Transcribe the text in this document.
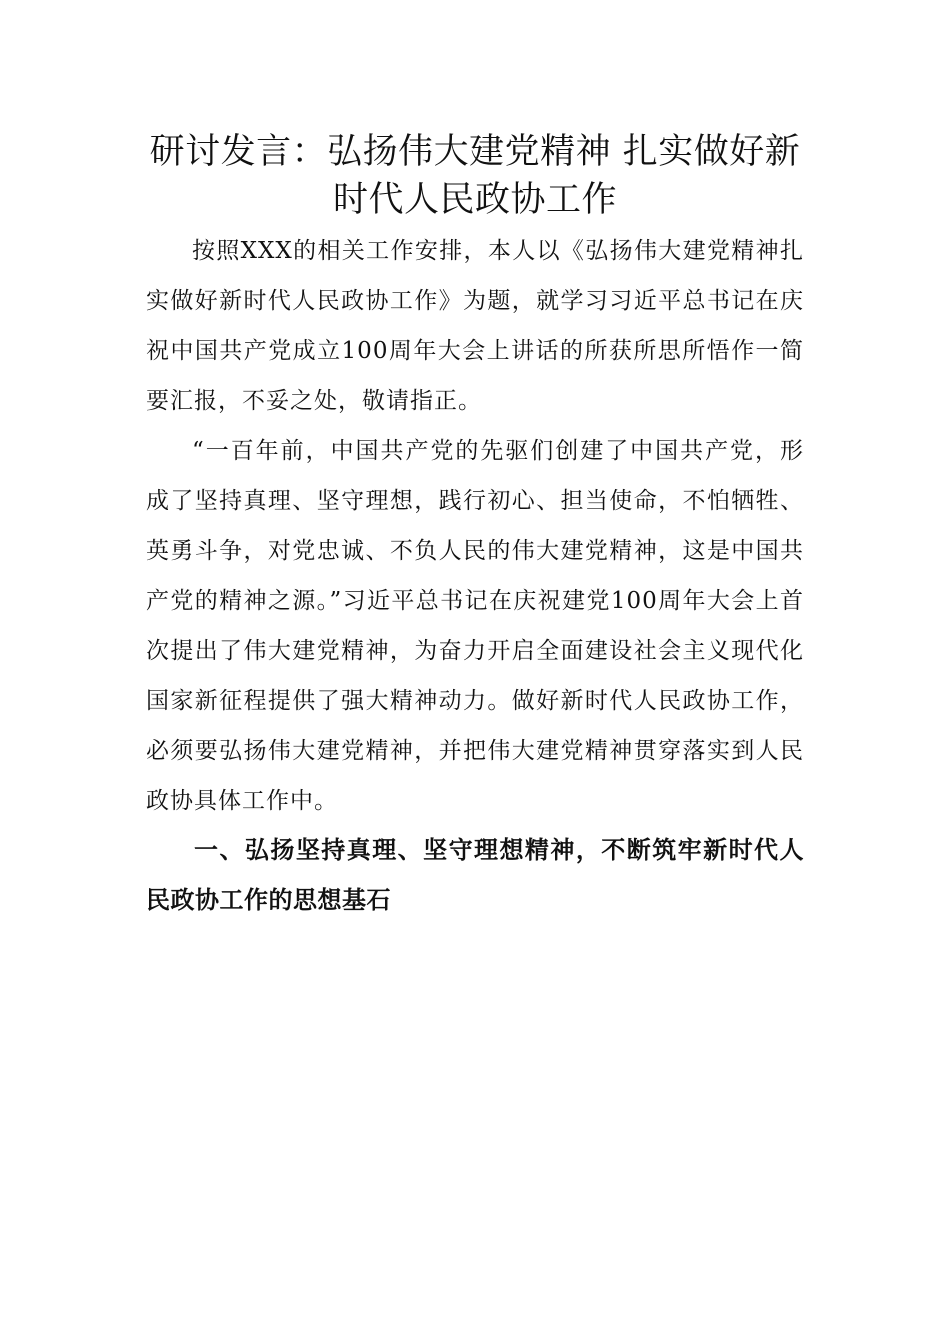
研讨发言：弘扬伟大建党精神 扎实做好新时代人民政协工作

按照XXX的相关工作安排，本人以《弘扬伟大建党精神扎实做好新时代人民政协工作》为题，就学习习近平总书记在庆祝中国共产党成立100周年大会上讲话的所获所思所悟作一简要汇报，不妥之处，敬请指正。

“一百年前，中国共产党的先驱们创建了中国共产党，形成了坚持真理、坚守理想，践行初心、担当使命，不怕牺牲、英勇斗争，对党忠诚、不负人民的伟大建党精神，这是中国共产党的精神之源。”习近平总书记在庆祝建党100周年大会上首次提出了伟大建党精神，为奋力开启全面建设社会主义现代化国家新征程提供了强大精神动力。做好新时代人民政协工作，必须要弘扬伟大建党精神，并把伟大建党精神贯穿落实到人民政协具体工作中。

一、弘扬坚持真理、坚守理想精神，不断筑牢新时代人民政协工作的思想基石
